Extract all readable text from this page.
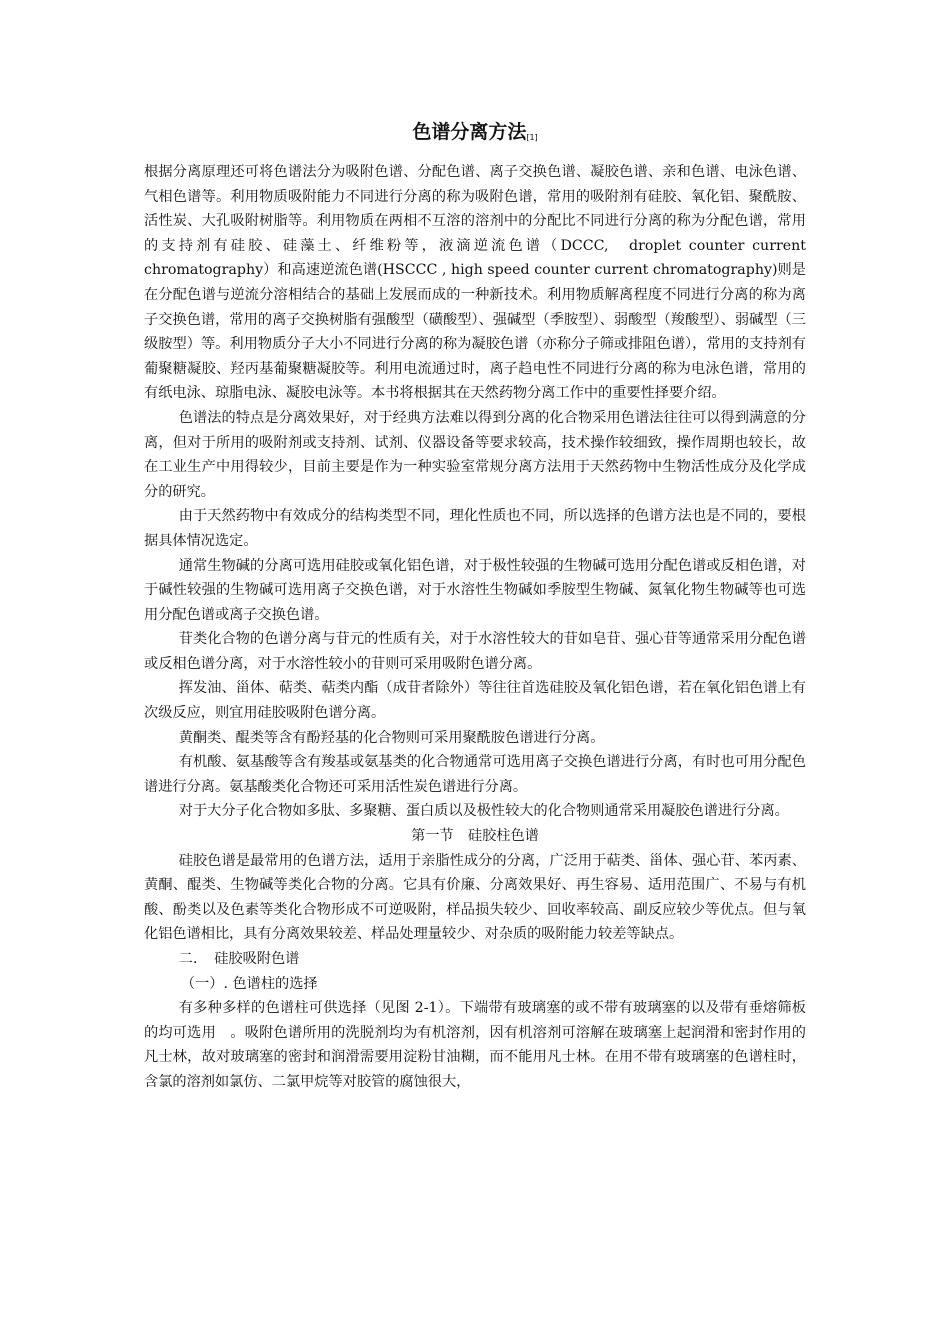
色谱分离方法[1]

根据分离原理还可将色谱法分为吸附色谱、分配色谱、离子交换色谱、凝胶色谱、亲和色谱、电泳色谱、气相色谱等。利用物质吸附能力不同进行分离的称为吸附色谱，常用的吸附剂有硅胶、氧化铝、聚酰胺、活性炭、大孔吸附树脂等。利用物质在两相不互溶的溶剂中的分配比不同进行分离的称为分配色谱，常用的支持剂有硅胶、硅藻土、纤维粉等，液滴逆流色谱（DCCC,　droplet counter current chromatography）和高速逆流色谱(HSCCC , high speed counter current chromatography)则是在分配色谱与逆流分溶相结合的基础上发展而成的一种新技术。利用物质解离程度不同进行分离的称为离子交换色谱，常用的离子交换树脂有强酸型（磺酸型）、强碱型（季胺型）、弱酸型（羧酸型）、弱碱型（三级胺型）等。利用物质分子大小不同进行分离的称为凝胶色谱（亦称分子筛或排阻色谱），常用的支持剂有葡聚糖凝胶、羟丙基葡聚糖凝胶等。利用电流通过时，离子趋电性不同进行分离的称为电泳色谱，常用的有纸电泳、琼脂电泳、凝胶电泳等。本书将根据其在天然药物分离工作中的重要性择要介绍。

色谱法的特点是分离效果好，对于经典方法难以得到分离的化合物采用色谱法往往可以得到满意的分离，但对于所用的吸附剂或支持剂、试剂、仪器设备等要求较高，技术操作较细致，操作周期也较长，故在工业生产中用得较少，目前主要是作为一种实验室常规分离方法用于天然药物中生物活性成分及化学成分的研究。

由于天然药物中有效成分的结构类型不同，理化性质也不同，所以选择的色谱方法也是不同的，要根据具体情况选定。

通常生物碱的分离可选用硅胶或氧化铝色谱，对于极性较强的生物碱可选用分配色谱或反相色谱，对于碱性较强的生物碱可选用离子交换色谱，对于水溶性生物碱如季胺型生物碱、氮氧化物生物碱等也可选用分配色谱或离子交换色谱。

苷类化合物的色谱分离与苷元的性质有关，对于水溶性较大的苷如皂苷、强心苷等通常采用分配色谱或反相色谱分离，对于水溶性较小的苷则可采用吸附色谱分离。

挥发油、甾体、萜类、萜类内酯（成苷者除外）等往往首选硅胶及氧化铝色谱，若在氧化铝色谱上有次级反应，则宜用硅胶吸附色谱分离。

黄酮类、醌类等含有酚羟基的化合物则可采用聚酰胺色谱进行分离。

有机酸、氨基酸等含有羧基或氨基类的化合物通常可选用离子交换色谱进行分离，有时也可用分配色谱进行分离。氨基酸类化合物还可采用活性炭色谱进行分离。

对于大分子化合物如多肽、多聚糖、蛋白质以及极性较大的化合物则通常采用凝胶色谱进行分离。

第一节　硅胶柱色谱

硅胶色谱是最常用的色谱方法，适用于亲脂性成分的分离，广泛用于萜类、甾体、强心苷、苯丙素、黄酮、醌类、生物碱等类化合物的分离。它具有价廉、分离效果好、再生容易、适用范围广、不易与有机酸、酚类以及色素等类化合物形成不可逆吸附，样品损失较少、回收率较高、副反应较少等优点。但与氧化铝色谱相比，具有分离效果较差、样品处理量较少、对杂质的吸附能力较差等缺点。

二．　硅胶吸附色谱

（一）. 色谱柱的选择

有多种多样的色谱柱可供选择（见图 2-1）。下端带有玻璃塞的或不带有玻璃塞的以及带有垂熔筛板的均可选用　。吸附色谱所用的洗脱剂均为有机溶剂，因有机溶剂可溶解在玻璃塞上起润滑和密封作用的凡士林，故对玻璃塞的密封和润滑需要用淀粉甘油糊，而不能用凡士林。在用不带有玻璃塞的色谱柱时，含氯的溶剂如氯仿、二氯甲烷等对胶管的腐蚀很大，
